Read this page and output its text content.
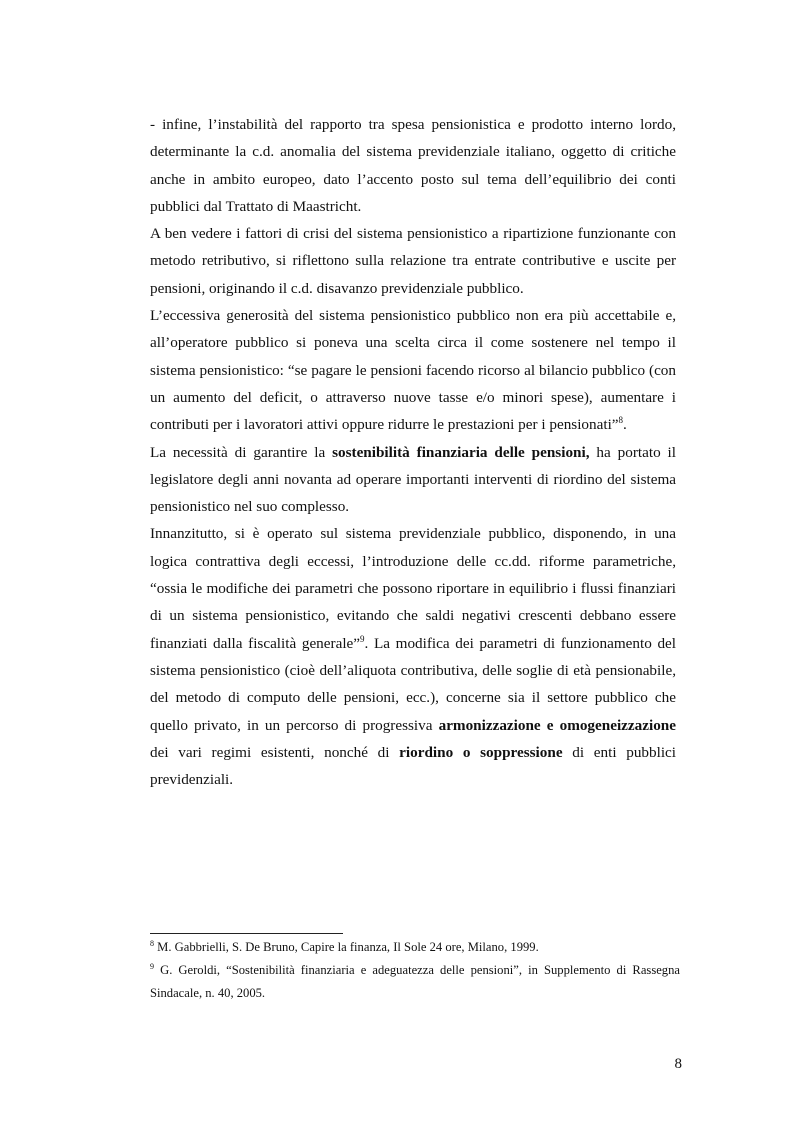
- infine, l’instabilità del rapporto tra spesa pensionistica e prodotto interno lordo, determinante la c.d. anomalia del sistema previdenziale italiano, oggetto di critiche anche in ambito europeo, dato l’accento posto sul tema dell’equilibrio dei conti pubblici dal Trattato di Maastricht.

A ben vedere i fattori di crisi del sistema pensionistico a ripartizione funzionante con metodo retributivo, si riflettono sulla relazione tra entrate contributive e uscite per pensioni, originando il c.d. disavanzo previdenziale pubblico.

L’eccessiva generosità del sistema pensionistico pubblico non era più accettabile e, all’operatore pubblico si poneva una scelta circa il come sostenere nel tempo il sistema pensionistico: “se pagare le pensioni facendo ricorso al bilancio pubblico (con un aumento del deficit, o attraverso nuove tasse e/o minori spese), aumentare i contributi per i lavoratori attivi oppure ridurre le prestazioni per i pensionati”$^8$.

La necessità di garantire la sostenibilità finanziaria delle pensioni, ha portato il legislatore degli anni novanta ad operare importanti interventi di riordino del sistema pensionistico nel suo complesso.

Innanzitutto, si è operato sul sistema previdenziale pubblico, disponendo, in una logica contrattiva degli eccessi, l’introduzione delle cc.dd. riforme parametriche, “ossia le modifiche dei parametri che possono riportare in equilibrio i flussi finanziari di un sistema pensionistico, evitando che saldi negativi crescenti debbano essere finanziati dalla fiscalità generale”$^9$. La modifica dei parametri di funzionamento del sistema pensionistico (cioè dell’aliquota contributiva, delle soglie di età pensionabile, del metodo di computo delle pensioni, ecc.), concerne sia il settore pubblico che quello privato, in un percorso di progressiva armonizzazione e omogeneizzazione dei vari regimi esistenti, nonché di riordino o soppressione di enti pubblici previdenziali.

$^8$ M. Gabbrielli, S. De Bruno, Capire la finanza, Il Sole 24 ore, Milano, 1999.

$^9$ G. Geroldi, “Sostenibilità finanziaria e adeguatezza delle pensioni”, in Supplemento di Rassegna Sindacale, n. 40, 2005.

8
